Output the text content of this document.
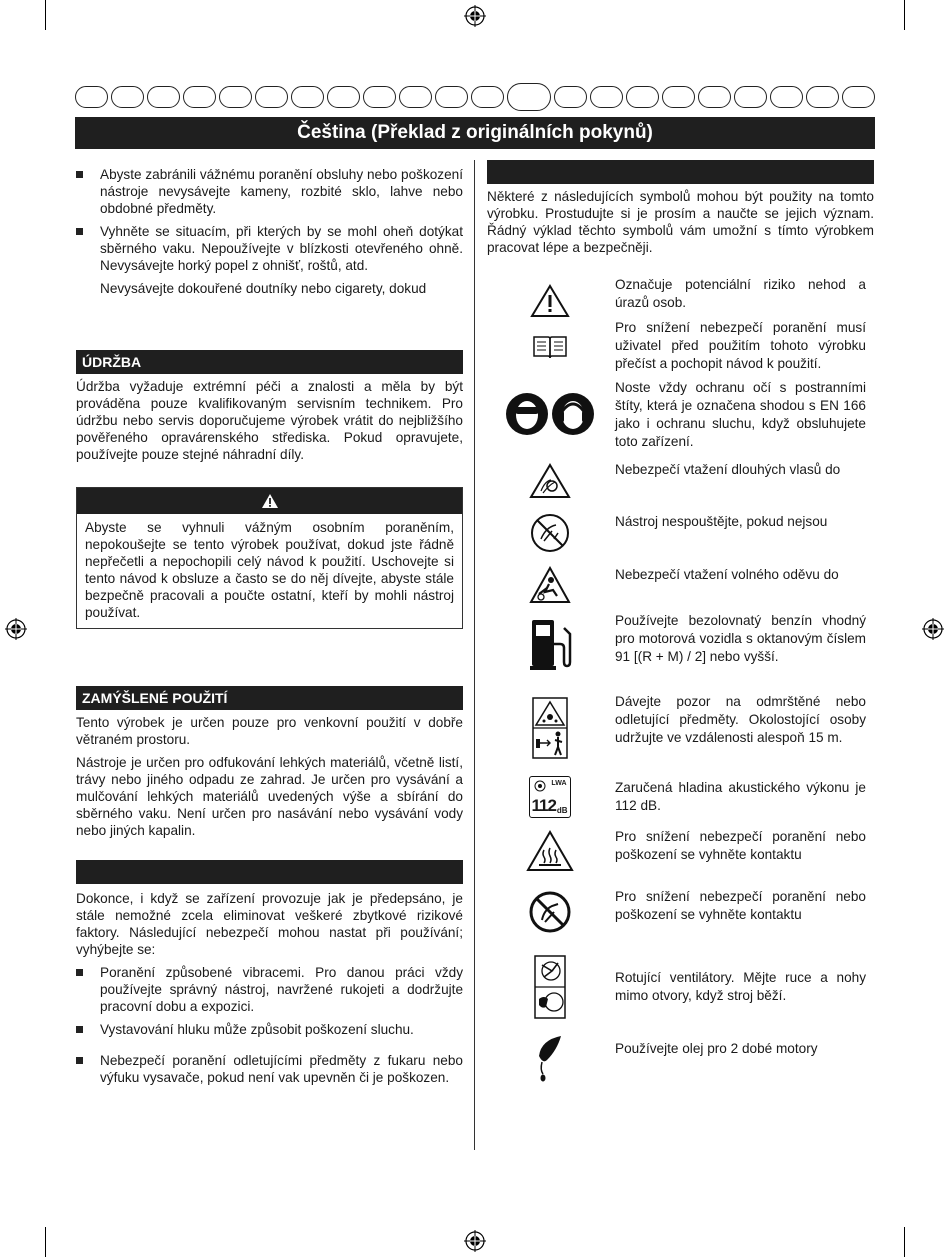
Čeština (Překlad z originálních pokynů)
Abyste zabránili vážnému poranění obsluhy nebo poškození nástroje nevysávejte kameny, rozbité sklo, lahve nebo obdobné předměty.
Vyhněte se situacím, při kterých by se mohl oheň dotýkat sběrného vaku. Nepoužívejte v blízkosti otevřeného ohně. Nevysávejte horký popel z ohnišť, roštů, atd.
Nevysávejte dokouřené doutníky nebo cigarety, dokud
ÚDRŽBA
Údržba vyžaduje extrémní péči a znalosti a měla by být prováděna pouze kvalifikovaným servisním technikem. Pro údržbu nebo servis doporučujeme výrobek vrátit do nejbližšího pověřeného opravárenského střediska. Pokud opravujete, používejte pouze stejné náhradní díly.
Abyste se vyhnuli vážným osobním poraněním, nepokoušejte se tento výrobek používat, dokud jste řádně nepřečetli a nepochopili celý návod k použití. Uschovejte si tento návod k obsluze a často se do něj dívejte, abyste stále bezpečně pracovali a poučte ostatní, kteří by mohli nástroj používat.
ZAMÝŠLENÉ POUŽITÍ
Tento výrobek je určen pouze pro venkovní použití v dobře větraném prostoru.
Nástroje je určen pro odfukování lehkých materiálů, včetně listí, trávy nebo jiného odpadu ze zahrad. Je určen pro vysávání a mulčování lehkých materiálů uvedených výše a sbírání do sběrného vaku. Není určen pro nasávání nebo vysávání vody nebo jiných kapalin.
Dokonce, i když se zařízení provozuje jak je předepsáno, je stále nemožné zcela eliminovat veškeré zbytkové rizikové faktory. Následující nebezpečí mohou nastat při používání; vyhýbejte se:
Poranění způsobené vibracemi. Pro danou práci vždy používejte správný nástroj, navržené rukojeti a dodržujte pracovní dobu a expozici.
Vystavování hluku může způsobit poškození sluchu.
Nebezpečí poranění odletujícími předměty z fukaru nebo výfuku vysavače, pokud není vak upevněn či je poškozen.
Některé z následujících symbolů mohou být použity na tomto výrobku. Prostudujte si je prosím a naučte se jejich význam. Řádný výklad těchto symbolů vám umožní s tímto výrobkem pracovat lépe a bezpečněji.
Označuje potenciální riziko nehod a úrazů osob.
Pro snížení nebezpečí poranění musí uživatel před použitím tohoto výrobku přečíst a pochopit návod k použití.
Noste vždy ochranu očí s postranními štíty, která je označena shodou s EN 166 jako i ochranu sluchu, když obsluhujete toto zařízení.
Nebezpečí vtažení dlouhých vlasů do
Nástroj nespouštějte, pokud nejsou
Nebezpečí vtažení volného oděvu do
Používejte bezolovnatý benzín vhodný pro motorová vozidla s oktanovým číslem 91 [(R + M) / 2] nebo vyšší.
Dávejte pozor na odmrštěné nebo odletující předměty. Okolostojící osoby udržujte ve vzdálenosti alespoň 15 m.
LWA
112 dB
Zaručená hladina akustického výkonu je 112 dB.
Pro snížení nebezpečí poranění nebo poškození se vyhněte kontaktu
Pro snížení nebezpečí poranění nebo poškození se vyhněte kontaktu
Rotující ventilátory. Mějte ruce a nohy mimo otvory, když stroj běží.
Používejte olej pro 2 dobé motory
